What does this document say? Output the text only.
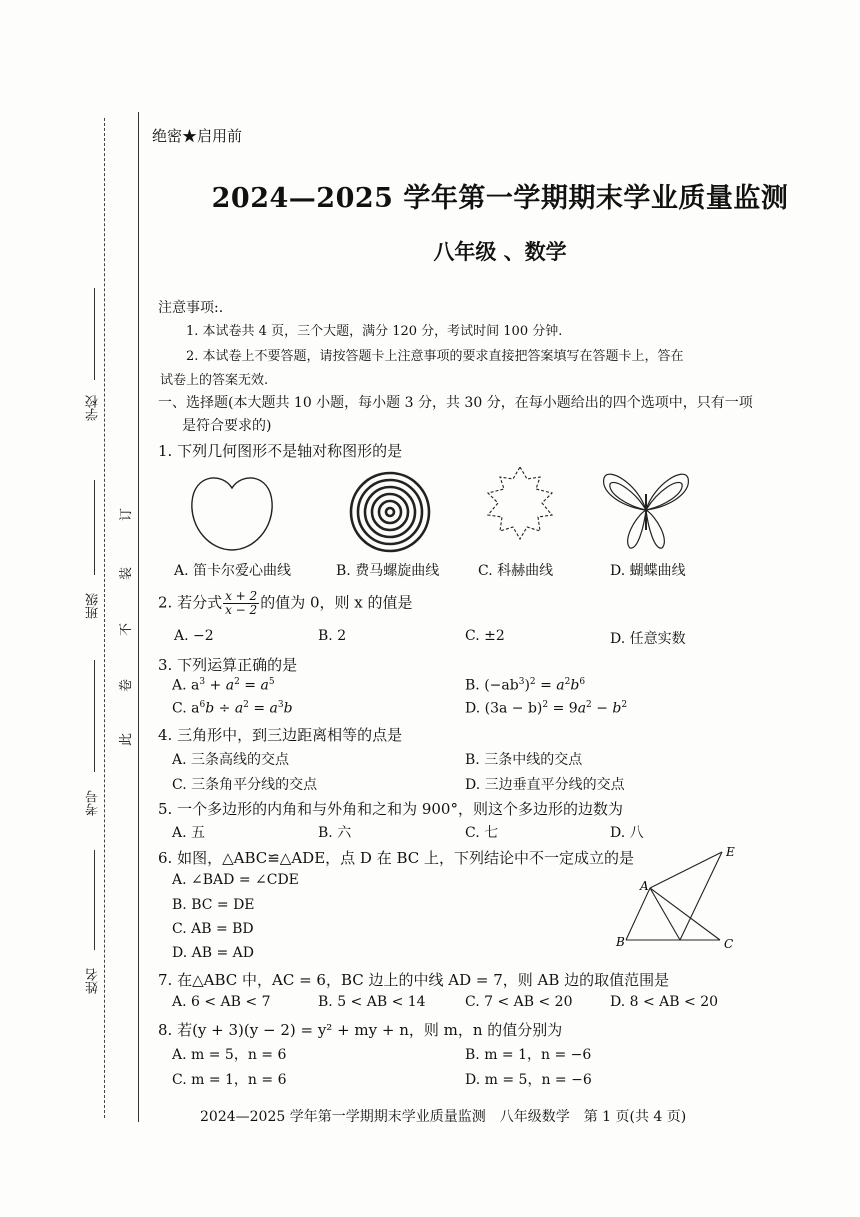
学校
班级
考号
姓名
订
装
不
卷
此
绝密★启用前
2024—2025 学年第一学期期末学业质量监测
八年级 、数学
注意事项:.
1. 本试卷共 4 页，三个大题，满分 120 分，考试时间 100 分钟.
2. 本试卷上不要答题，请按答题卡上注意事项的要求直接把答案填写在答题卡上，答在
试卷上的答案无效.
一、选择题(本大题共 10 小题，每小题 3 分，共 30 分，在每小题给出的四个选项中，只有一项
是符合要求的)
1. 下列几何图形不是轴对称图形的是
A. 笛卡尔爱心曲线	B. 费马螺旋曲线	C. 科赫曲线	D. 蝴蝶曲线
2. 若分式 $\frac{x + 2}{x - 2}$ 的值为 0，则 x 的值是
A. −2	B. 2	C. ±2	D. 任意实数
3. 下列运算正确的是
A. $a^3 + a^2 = a^5$	B. $(-ab^3)^2 = a^2b^6$
C. $a^6b \div a^2 = a^3b$	D. $(3a - b)^2 = 9a^2 - b^2$
4. 三角形中，到三边距离相等的点是
A. 三条高线的交点	B. 三条中线的交点
C. 三条角平分线的交点	D. 三边垂直平分线的交点
5. 一个多边形的内角和与外角和之和为 900°，则这个多边形的边数为
A. 五	B. 六	C. 七	D. 八
6. 如图，△ABC≌△ADE，点 D 在 BC 上，下列结论中不一定成立的是
A. ∠BAD = ∠CDE
B. BC = DE
C. AB = BD
D. AB = AD
B
A
C
E
7. 在△ABC 中，AC = 6，BC 边上的中线 AD = 7，则 AB 边的取值范围是
A. 6 < AB < 7	B. 5 < AB < 14	C. 7 < AB < 20	D. 8 < AB < 20
8. 若(y + 3)(y − 2) = y² + my + n，则 m，n 的值分别为
A. m = 5，n = 6	B. m = 1，n = −6
C. m = 1，n = 6	D. m = 5，n = −6
2024—2025 学年第一学期期末学业质量监测　八年级数学　第 1 页(共 4 页)
